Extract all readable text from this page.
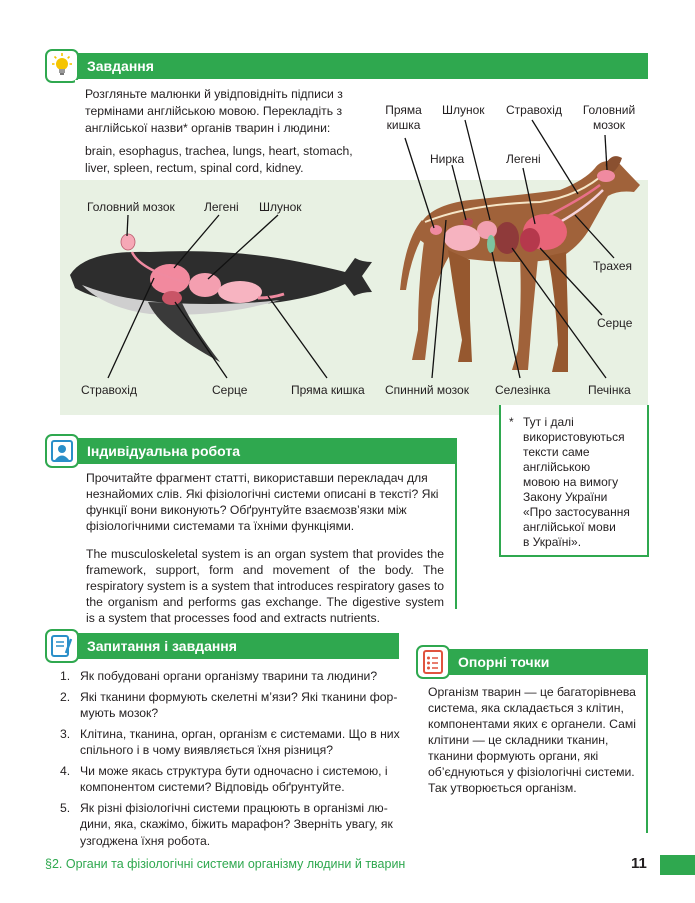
Завдання

Розгляньте малюнки й увідповідніть підписи з термінами англійською мовою. Перекладіть з англійської назви* органів тварин і людини:

brain, esophagus, trachea, lungs, heart, stomach, liver, spleen, rectum, spinal cord, kidney.

Головний мозок Легені Шлунок
Стравохід	Серце	Пряма кишка
Пряма
кишка
Шлунок Стравохід Головний
мозок
Нирка	Легені
Трахея
Серце
Спинний мозок Селезінка	Печінка
* Тут і далі
використовуються
тексти саме
англійською
мовою на вимогу
Закону України
«Про застосування
англійської мови
в Україні».
Індивідуальна робота
Прочитайте фрагмент статті, використавши перекладач для незнайомих слів. Які фізіологічні системи описані в тексті? Які функції вони виконують? Обґрунтуйте взаємозв’язки між фізіологічними системами та їхніми функціями.
The musculoskeletal system is an organ system that provides the framework, support, form and movement of the body. The respiratory system is a system that introduces respiratory gases to the organism and performs gas exchange. The digestive system is a system that processes food and extracts nutrients.
Запитання і завдання
1. Як побудовані органи організму тварини та людини?
2. Які тканини формують скелетні м’язи? Які тканини формують мозок?
3. Клітина, тканина, орган, організм є системами. Що в них спільного і в чому виявляється їхня різниця?
4. Чи може якась структура бути одночасно і системою, і компонентом системи? Відповідь обґрунтуйте.
5. Як різні фізіологічні системи працюють в організмі людини, яка, скажімо, біжить марафон? Зверніть увагу, як узгоджена їхня робота.
Опорні точки
Організм тварин — це багаторівнева система, яка складається з клітин, компонентами яких є органели. Самі клітини — це складники тканин, тканини формують органи, які об’єднуються у фізіологічні системи. Так утворюється організм.
§2. Органи та фізіологічні системи організму людини й тварин	11
